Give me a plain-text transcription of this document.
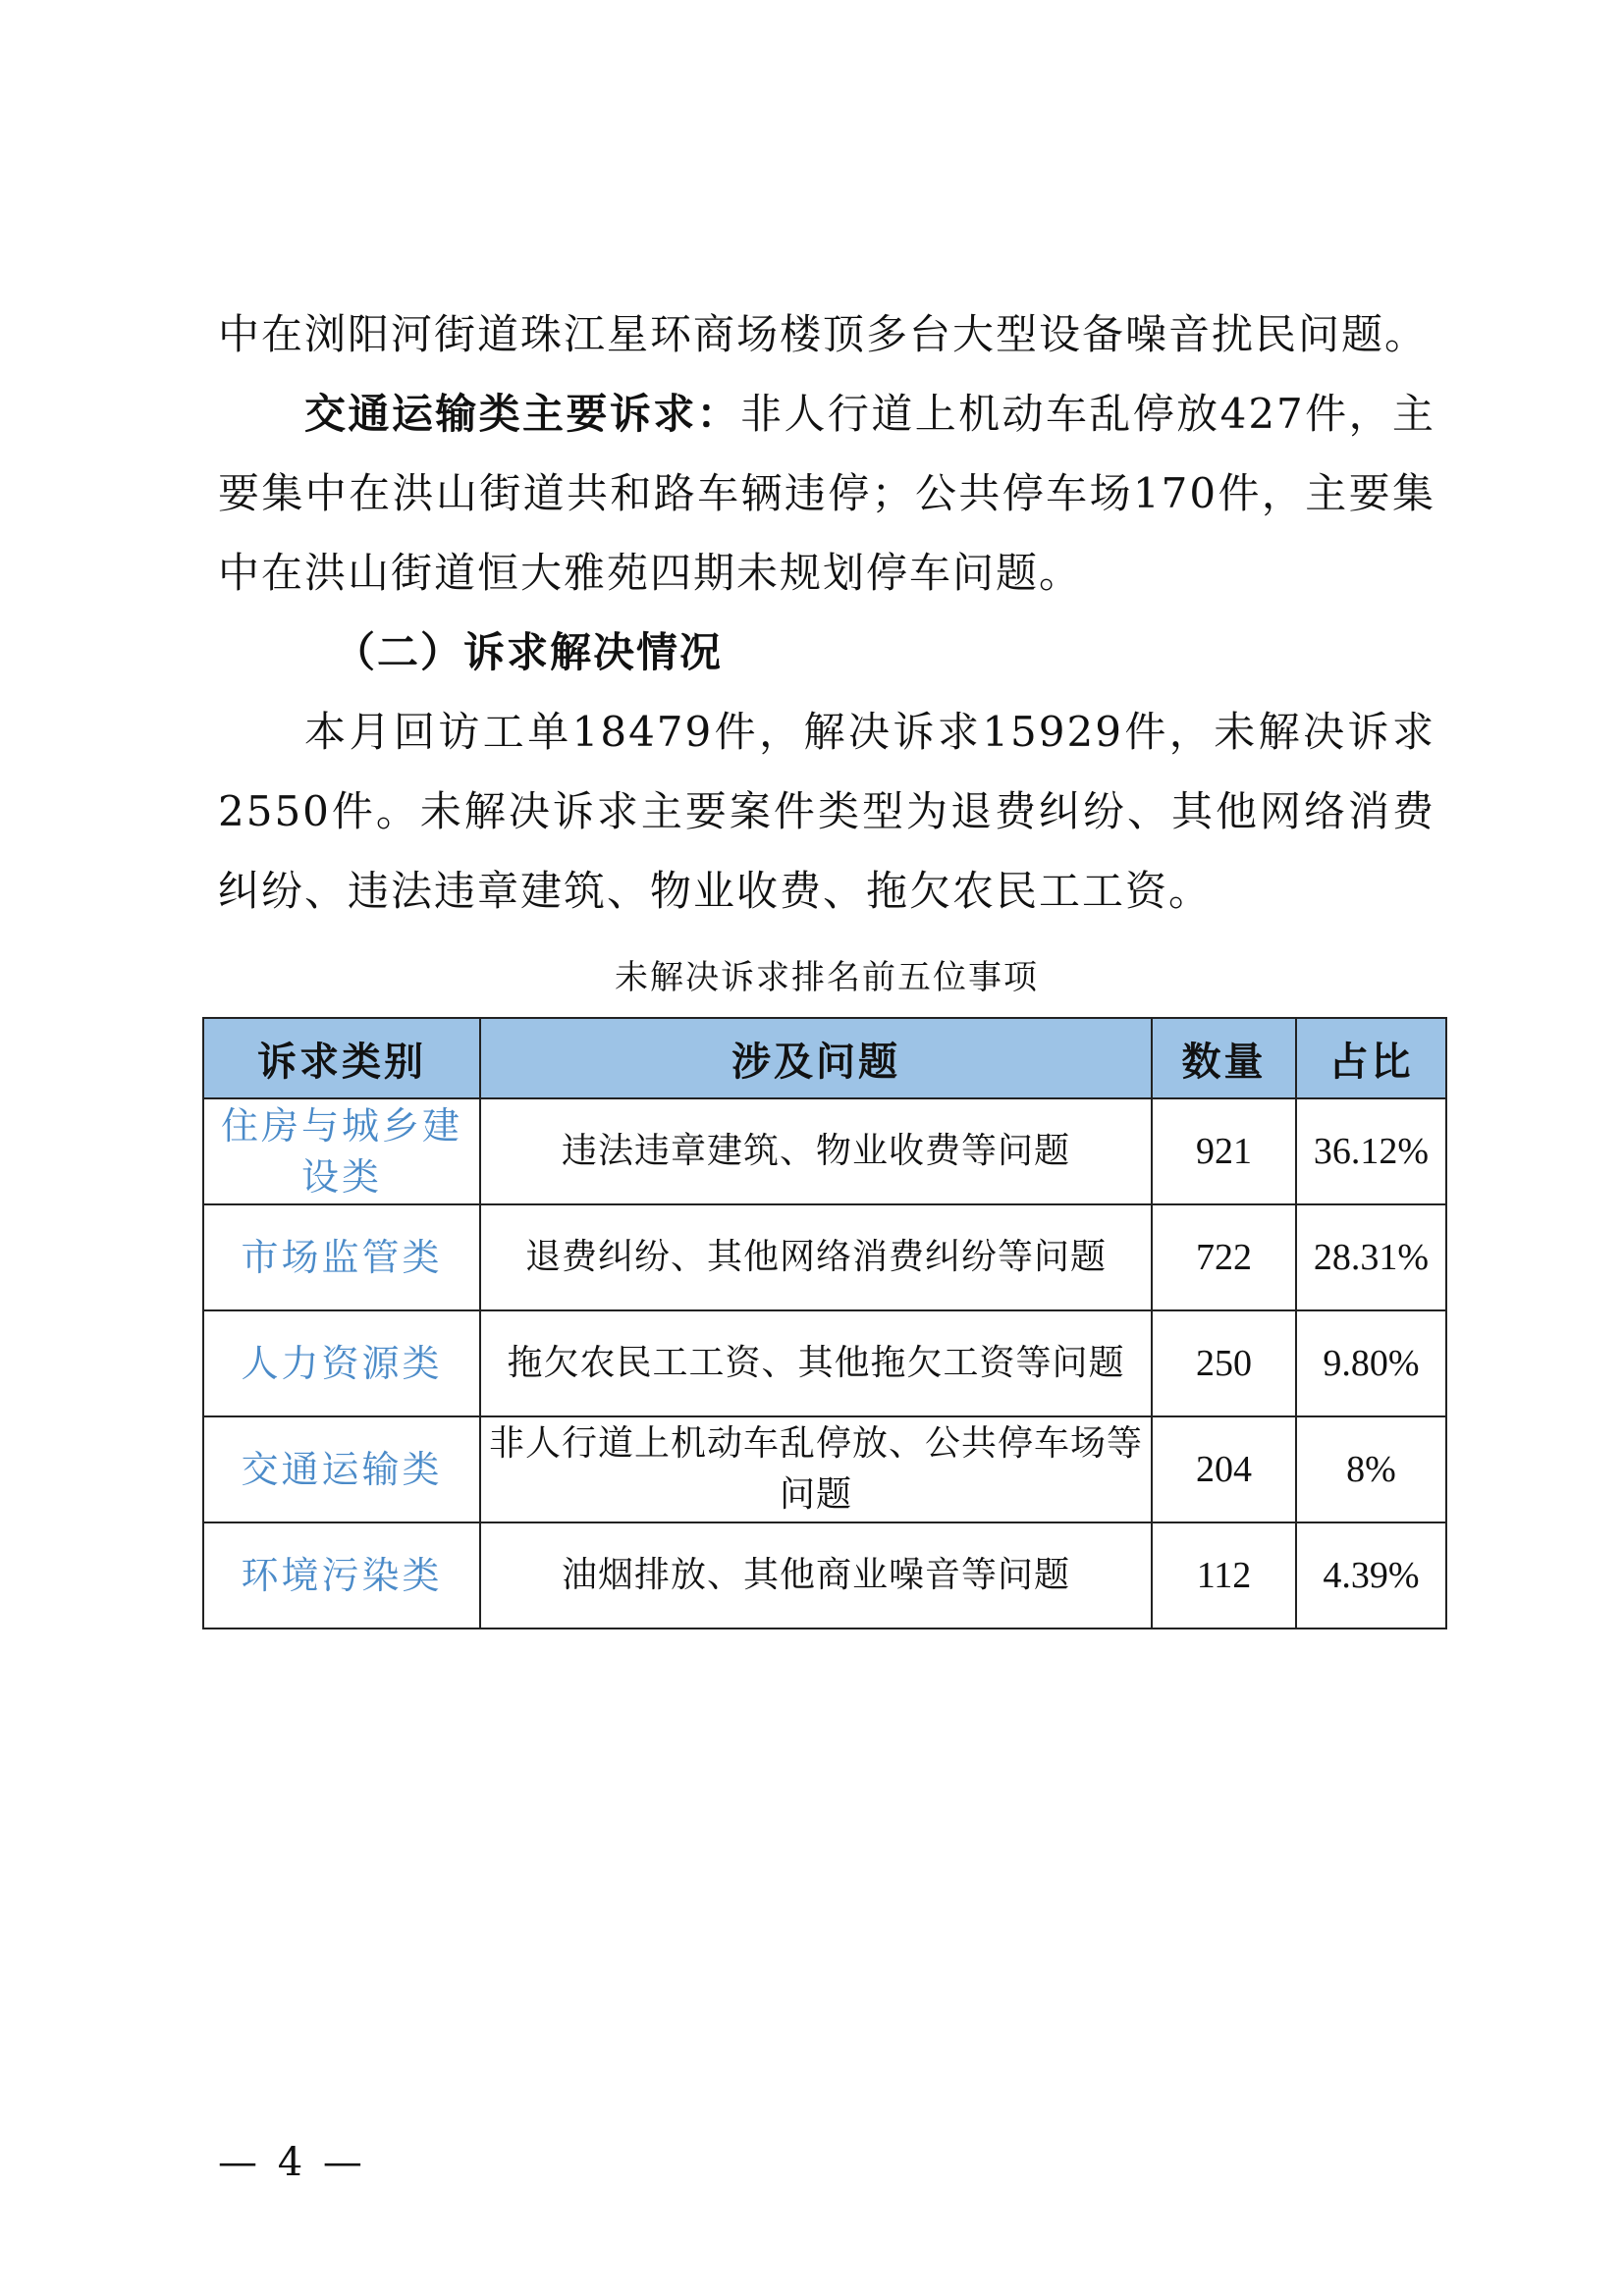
中在浏阳河街道珠江星环商场楼顶多台大型设备噪音扰民问题。

交通运输类主要诉求：非人行道上机动车乱停放427件，主要集中在洪山街道共和路车辆违停；公共停车场170件，主要集中在洪山街道恒大雅苑四期未规划停车问题。

（二）诉求解决情况

本月回访工单18479件，解决诉求15929件，未解决诉求2550件。未解决诉求主要案件类型为退费纠纷、其他网络消费纠纷、违法违章建筑、物业收费、拖欠农民工工资。

未解决诉求排名前五位事项
诉求类别	涉及问题	数量	占比
住房与城乡建设类	违法违章建筑、物业收费等问题	921	36.12%
市场监管类	退费纠纷、其他网络消费纠纷等问题	722	28.31%
人力资源类	拖欠农民工工资、其他拖欠工资等问题	250	9.80%
交通运输类	非人行道上机动车乱停放、公共停车场等问题	204	8%
环境污染类	油烟排放、其他商业噪音等问题	112	4.39%
— 4 —
